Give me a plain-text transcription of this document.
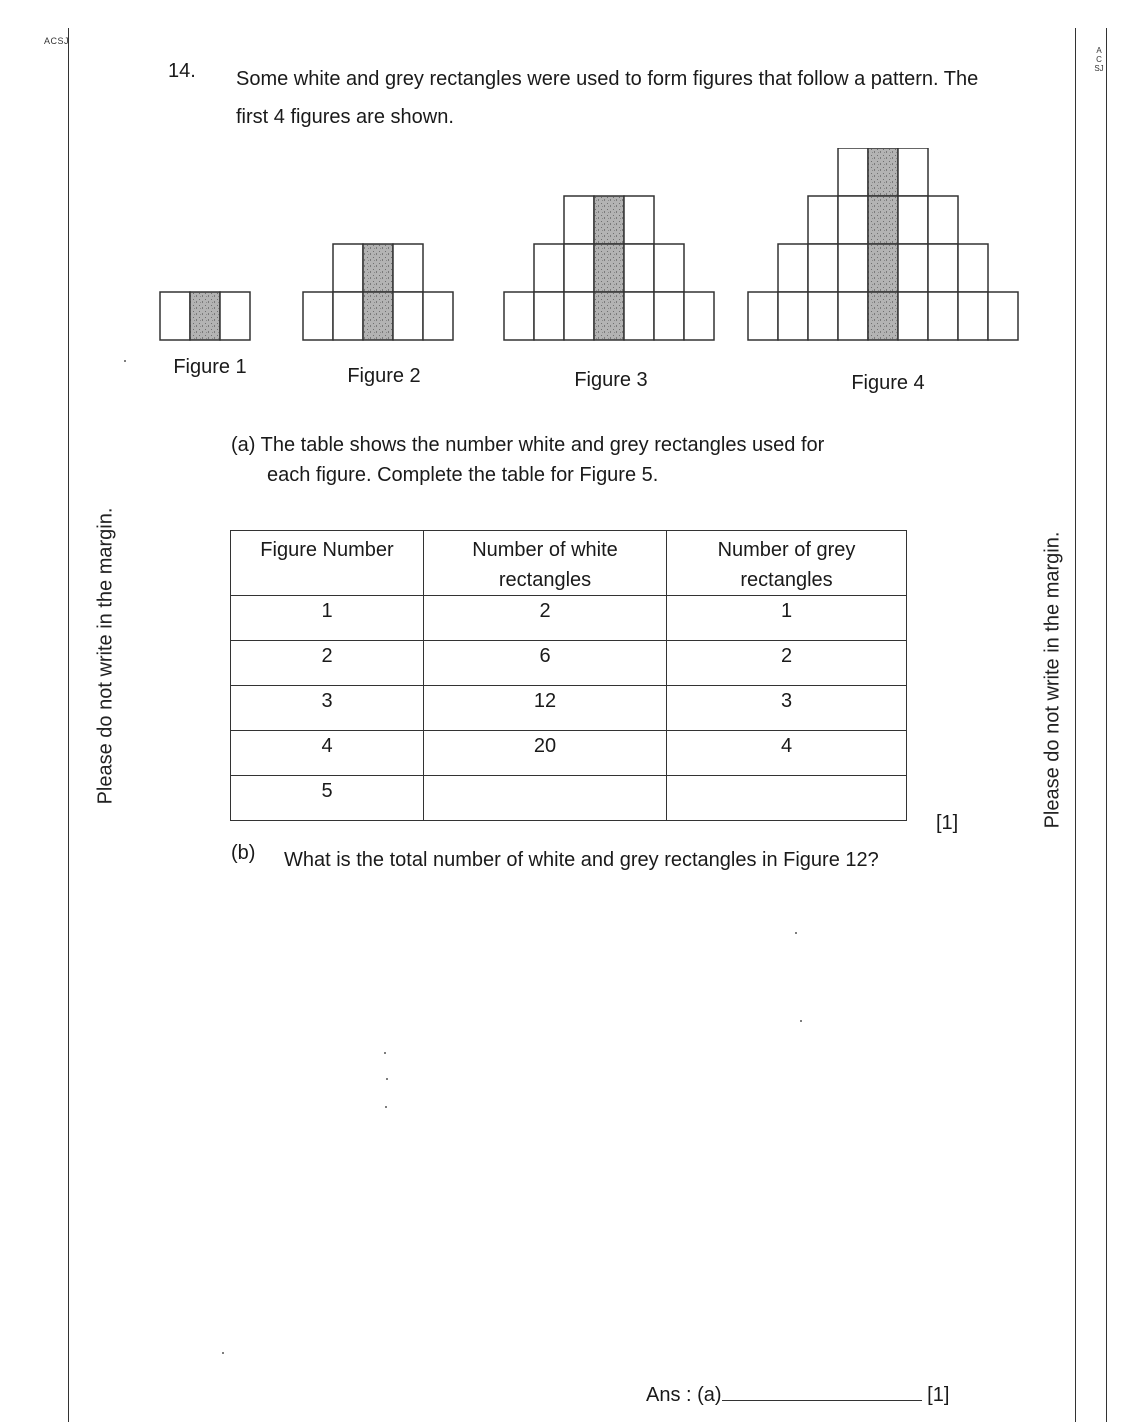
ACSJ
ACSJ
Please do not write in the margin.	Please do not write in the margin.
14. Some white and grey rectangles were used to form figures that follow a pattern. The first 4 figures are shown.
Figure 1	Figure 2	Figure 3	Figure 4
(a) The table shows the number white and grey rectangles used for
each figure. Complete the table for Figure 5.
Figure Number	Number of white rectangles	Number of grey rectangles
1	2	1
2	6	2
3	12	3
4	20	4
5		
[1]
(b) What is the total number of white and grey rectangles in Figure 12?
Ans : (a)	[1]
